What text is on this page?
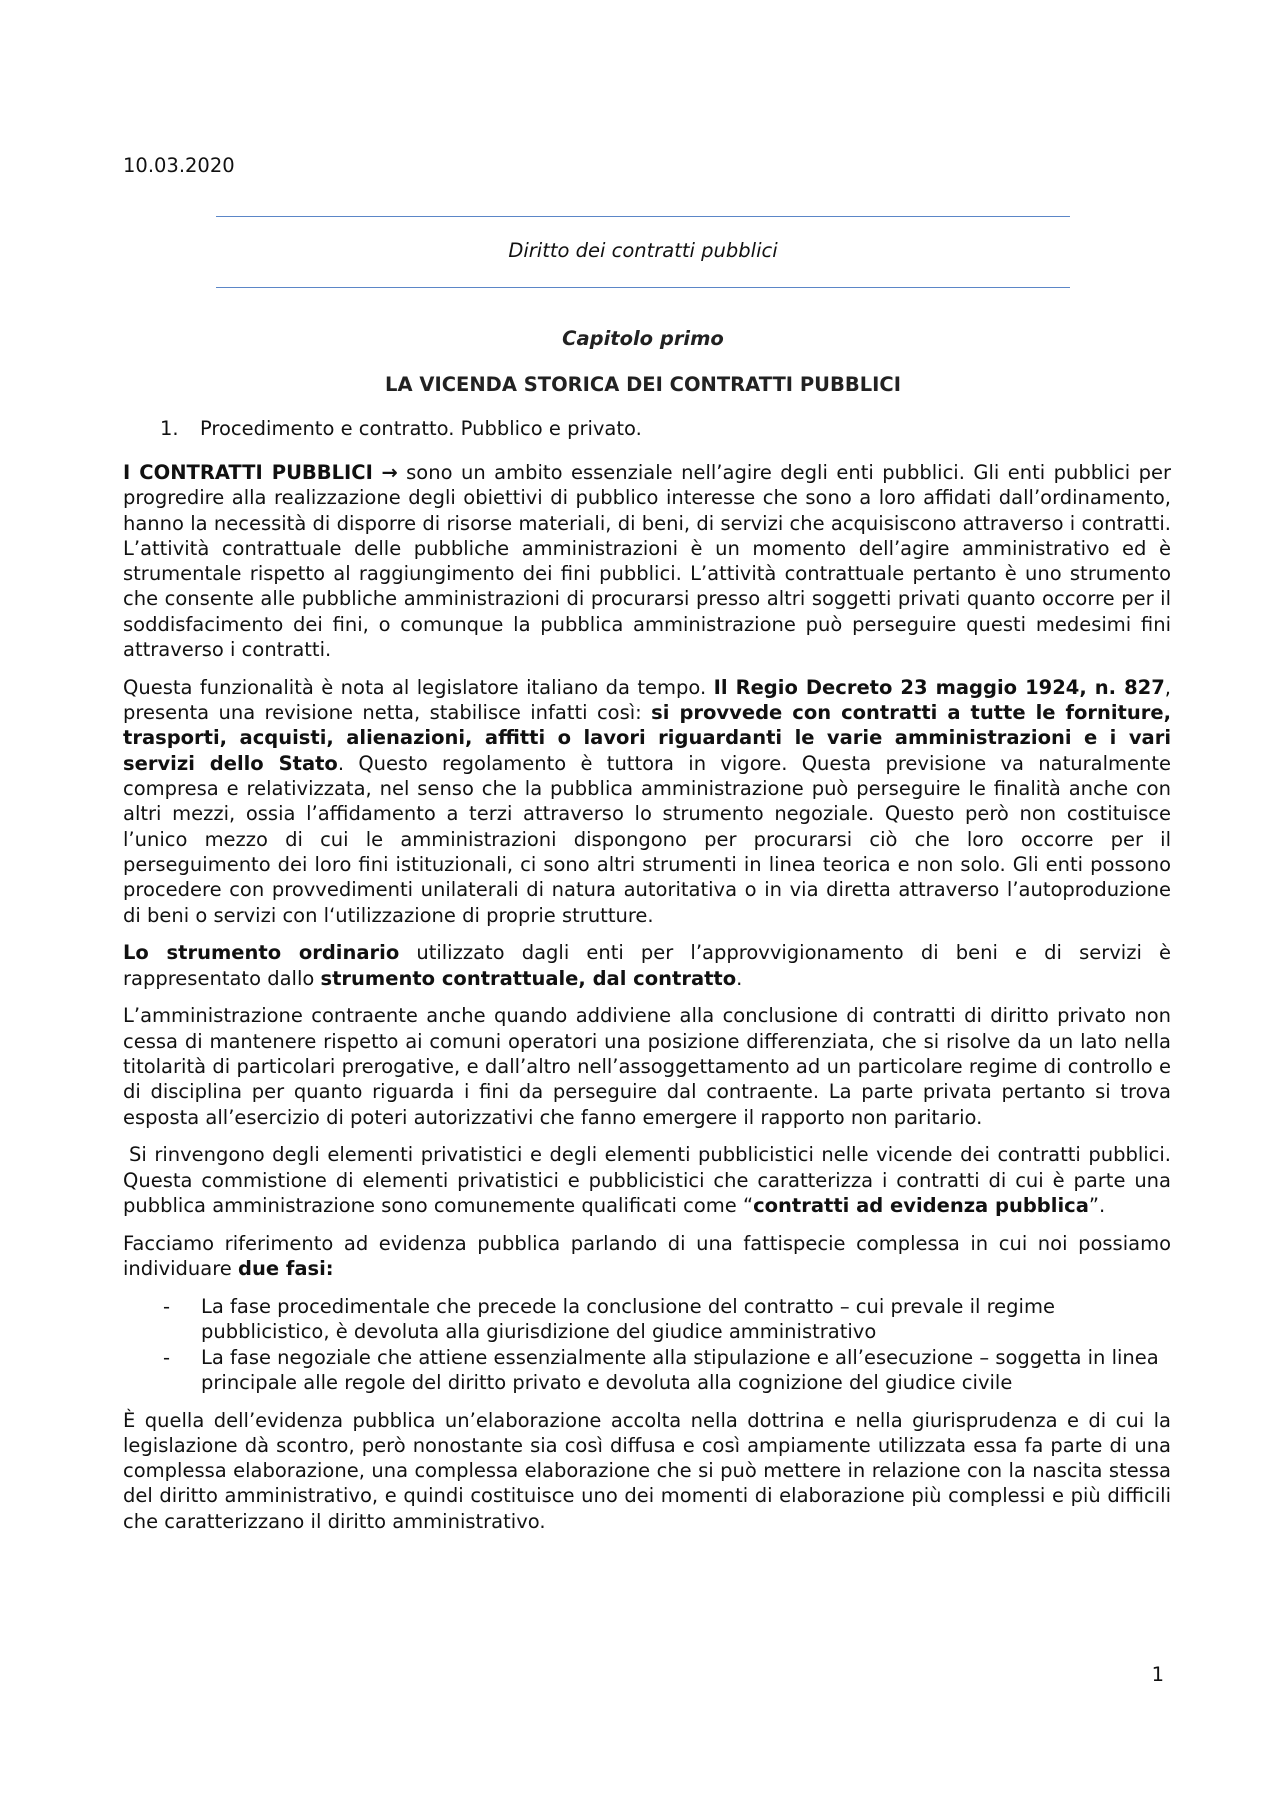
10.03.2020
Diritto dei contratti pubblici
Capitolo primo
LA VICENDA STORICA DEI CONTRATTI PUBBLICI
1.	Procedimento e contratto. Pubblico e privato.

I CONTRATTI PUBBLICI → sono un ambito essenziale nell’agire degli enti pubblici. Gli enti pubblici per progredire alla realizzazione degli obiettivi di pubblico interesse che sono a loro affidati dall’ordinamento, hanno la necessità di disporre di risorse materiali, di beni, di servizi che acquisiscono attraverso i contratti. L’attività contrattuale delle pubbliche amministrazioni è un momento dell’agire amministrativo ed è strumentale rispetto al raggiungimento dei fini pubblici. L’attività contrattuale pertanto è uno strumento che consente alle pubbliche amministrazioni di procurarsi presso altri soggetti privati quanto occorre per il soddisfacimento dei fini, o comunque la pubblica amministrazione può perseguire questi medesimi fini attraverso i contratti.

Questa funzionalità è nota al legislatore italiano da tempo. Il Regio Decreto 23 maggio 1924, n. 827, presenta una revisione netta, stabilisce infatti così: si provvede con contratti a tutte le forniture, trasporti, acquisti, alienazioni, affitti o lavori riguardanti le varie amministrazioni e i vari servizi dello Stato. Questo regolamento è tuttora in vigore. Questa previsione va naturalmente compresa e relativizzata, nel senso che la pubblica amministrazione può perseguire le finalità anche con altri mezzi, ossia l’affidamento a terzi attraverso lo strumento negoziale. Questo però non costituisce l’unico mezzo di cui le amministrazioni dispongono per procurarsi ciò che loro occorre per il perseguimento dei loro fini istituzionali, ci sono altri strumenti in linea teorica e non solo. Gli enti possono procedere con provvedimenti unilaterali di natura autoritativa o in via diretta attraverso l’autoproduzione di beni o servizi con l‘utilizzazione di proprie strutture.

Lo strumento ordinario utilizzato dagli enti per l’approvvigionamento di beni e di servizi è rappresentato dallo strumento contrattuale, dal contratto.

L’amministrazione contraente anche quando addiviene alla conclusione di contratti di diritto privato non cessa di mantenere rispetto ai comuni operatori una posizione differenziata, che si risolve da un lato nella titolarità di particolari prerogative, e dall’altro nell’assoggettamento ad un particolare regime di controllo e di disciplina per quanto riguarda i fini da perseguire dal contraente. La parte privata pertanto si trova esposta all’esercizio di poteri autorizzativi che fanno emergere il rapporto non paritario.

Si rinvengono degli elementi privatistici e degli elementi pubblicistici nelle vicende dei contratti pubblici. Questa commistione di elementi privatistici e pubblicistici che caratterizza i contratti di cui è parte una pubblica amministrazione sono comunemente qualificati come “contratti ad evidenza pubblica”.

Facciamo riferimento ad evidenza pubblica parlando di una fattispecie complessa in cui noi possiamo individuare due fasi:

- La fase procedimentale che precede la conclusione del contratto – cui prevale il regime pubblicistico, è devoluta alla giurisdizione del giudice amministrativo
- La fase negoziale che attiene essenzialmente alla stipulazione e all’esecuzione – soggetta in linea principale alle regole del diritto privato e devoluta alla cognizione del giudice civile

È quella dell’evidenza pubblica un’elaborazione accolta nella dottrina e nella giurisprudenza e di cui la legislazione dà scontro, però nonostante sia così diffusa e così ampiamente utilizzata essa fa parte di una complessa elaborazione, una complessa elaborazione che si può mettere in relazione con la nascita stessa del diritto amministrativo, e quindi costituisce uno dei momenti di elaborazione più complessi e più difficili che caratterizzano il diritto amministrativo.

1
